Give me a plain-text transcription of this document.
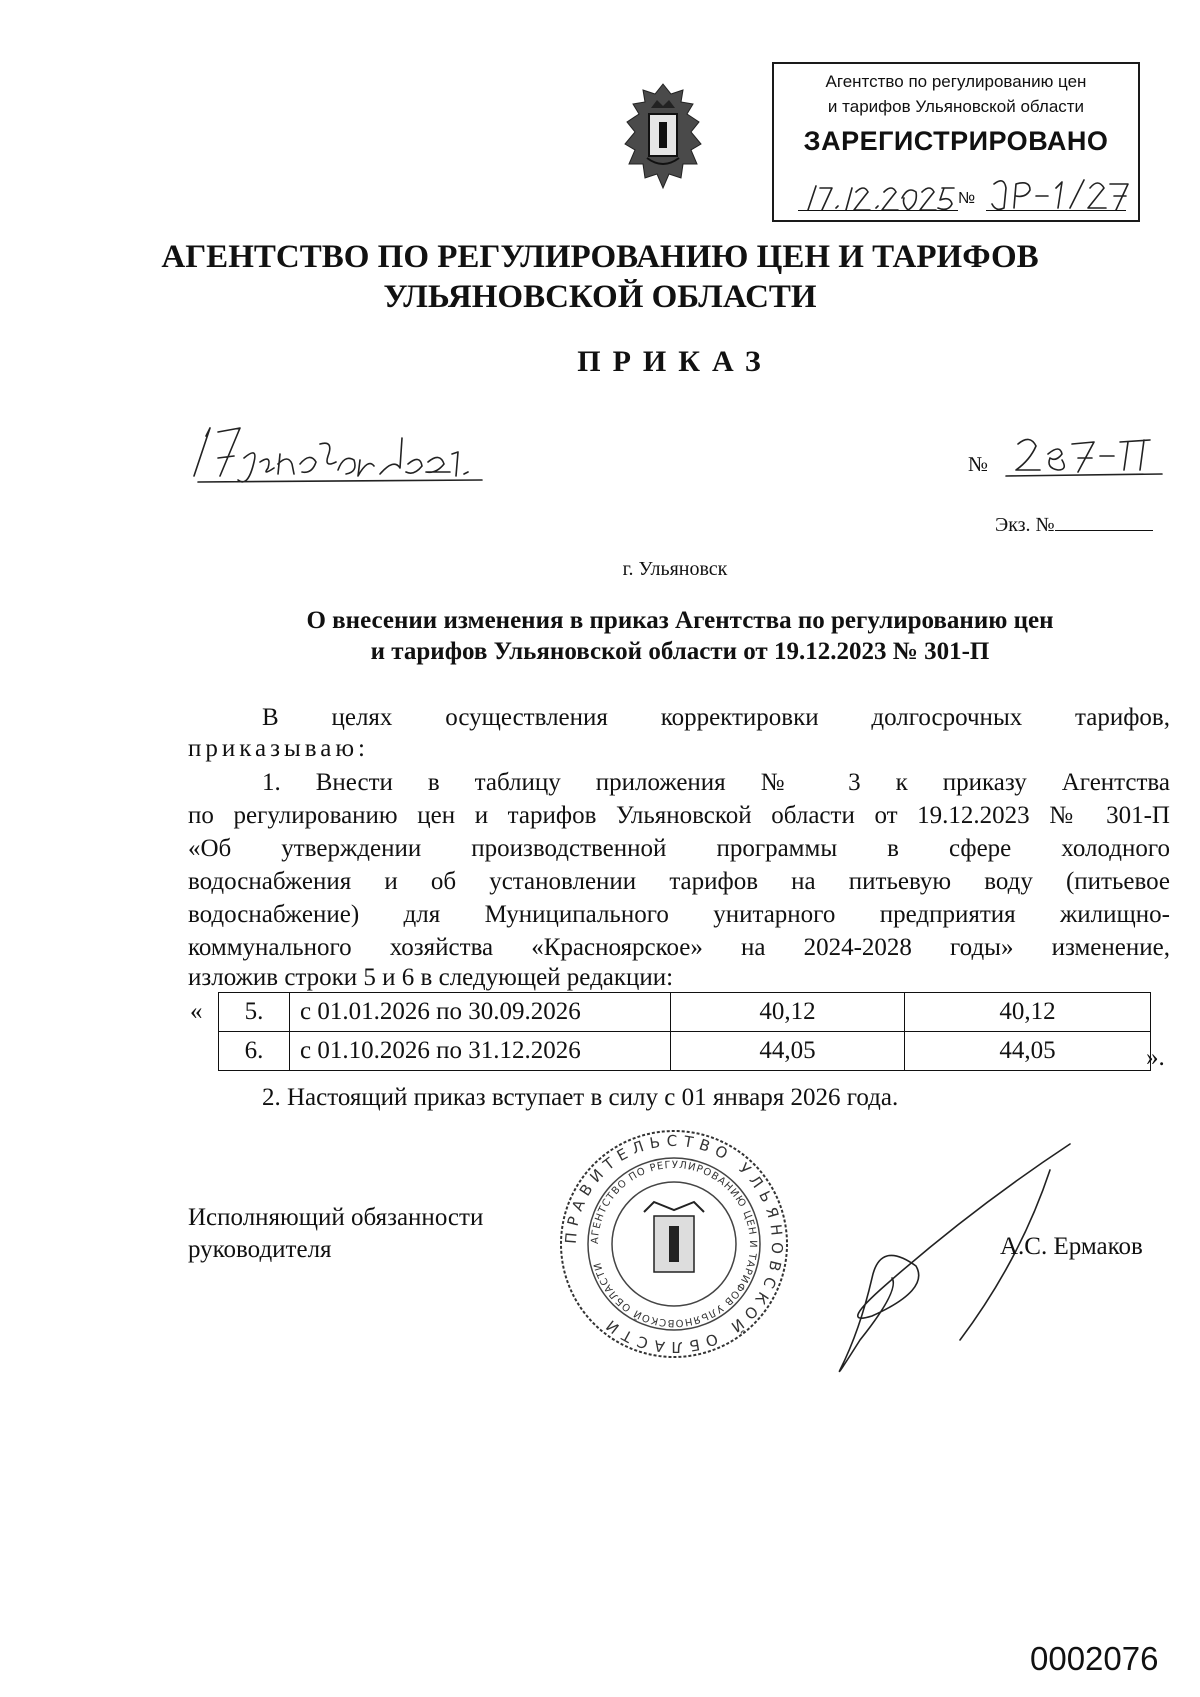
Агентство по регулированию цен
и тарифов Ульяновской области
ЗАРЕГИСТРИРОВАНО
№
АГЕНТСТВО ПО РЕГУЛИРОВАНИЮ ЦЕН И ТАРИФОВ
УЛЬЯНОВСКОЙ ОБЛАСТИ
ПРИКАЗ
№
Экз. №
г. Ульяновск
О внесении изменения в приказ Агентства по регулированию цен
и тарифов Ульяновской области от 19.12.2023 № 301-П
В целях осуществления корректировки долгосрочных тарифов,
приказываю:
1. Внести в таблицу приложения № 3 к приказу Агентства
по регулированию цен и тарифов Ульяновской области от 19.12.2023 № 301-П
«Об утверждении производственной программы в сфере холодного
водоснабжения и об установлении тарифов на питьевую воду (питьевое
водоснабжение) для Муниципального унитарного предприятия жилищно-
коммунального хозяйства «Красноярское» на 2024-2028 годы» изменение,
изложив строки 5 и 6 в следующей редакции:
« 5.	с 01.01.2026 по 30.09.2026	40,12	40,12
6.	с 01.10.2026 по 31.12.2026	44,05	44,05	».
2. Настоящий приказ вступает в силу с 01 января 2026 года.
Исполняющий обязанности
руководителя
ПРАВИТЕЛЬСТВО УЛЬЯНОВСКОЙ ОБЛАСТИ
АГЕНТСТВО ПО РЕГУЛИРОВАНИЮ ЦЕН И ТАРИФОВ УЛЬЯНОВСКОЙ ОБЛАСТИ
А.С. Ермаков
0002076
